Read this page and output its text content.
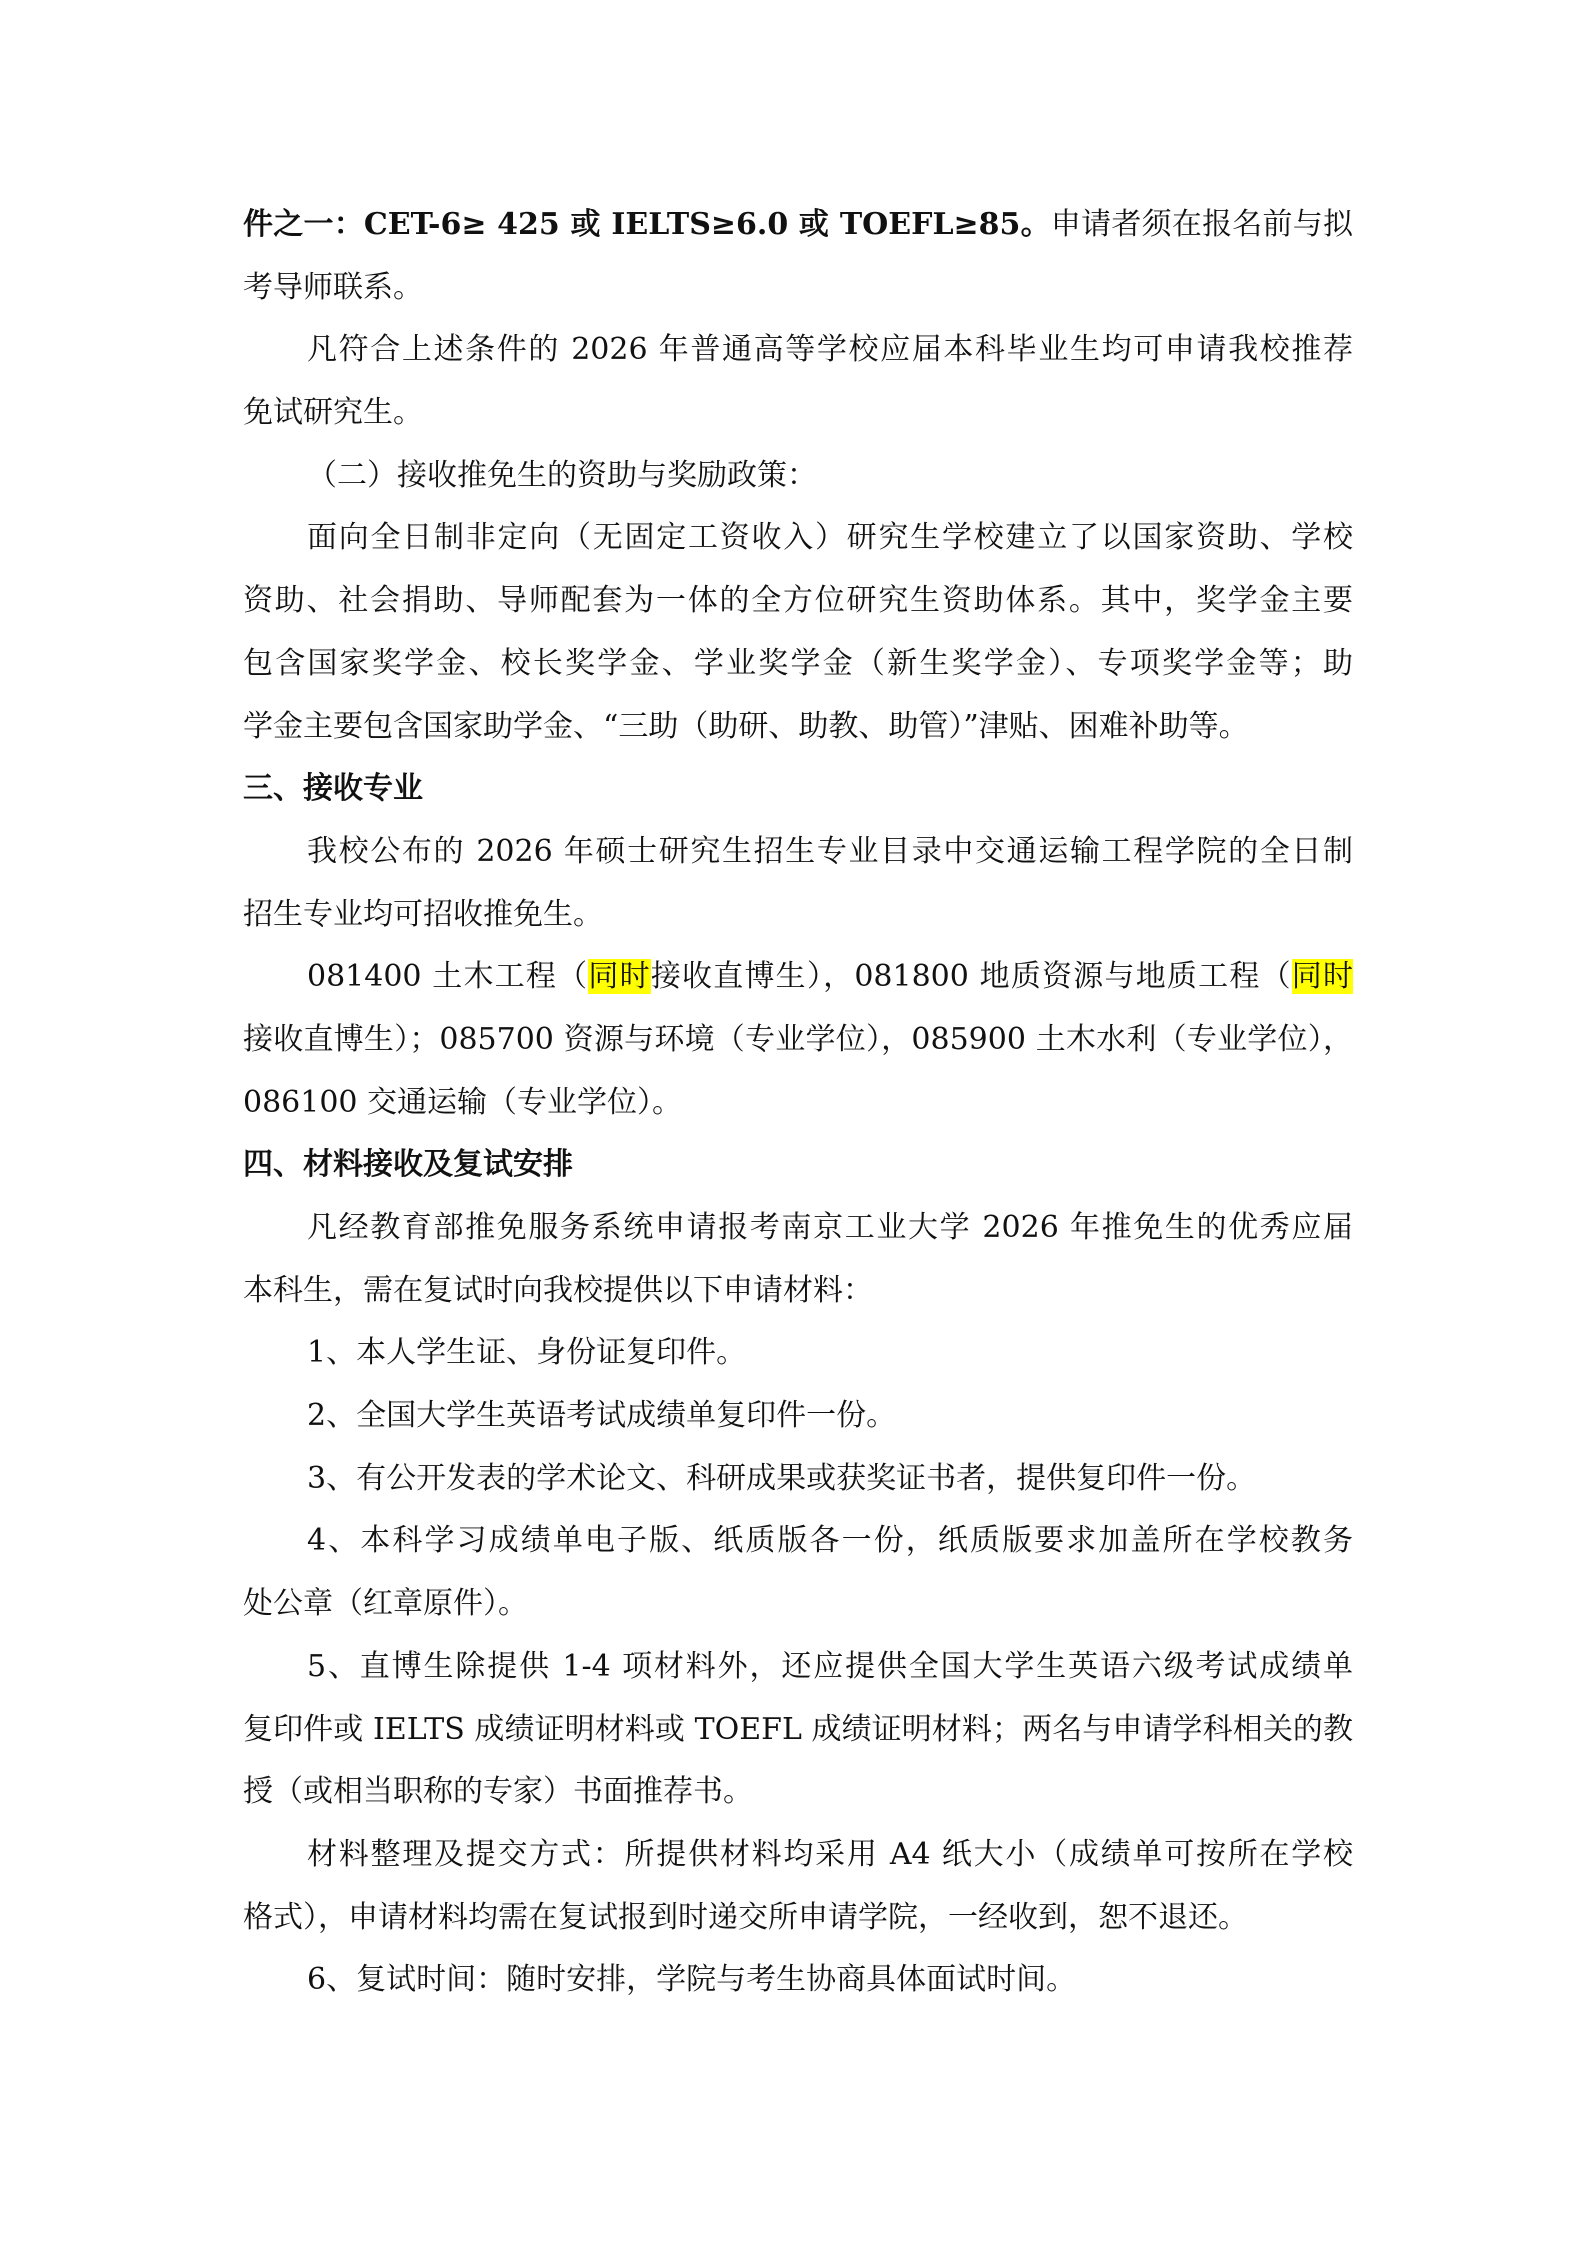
件之一：CET-6≥ 425 或 IELTS≥6.0 或 TOEFL≥85。申请者须在报名前与拟
考导师联系。
凡符合上述条件的 2026 年普通高等学校应届本科毕业生均可申请我校推荐
免试研究生。
（二）接收推免生的资助与奖励政策：
面向全日制非定向（无固定工资收入）研究生学校建立了以国家资助、学校
资助、社会捐助、导师配套为一体的全方位研究生资助体系。其中，奖学金主要
包含国家奖学金、校长奖学金、学业奖学金（新生奖学金）、专项奖学金等；助
学金主要包含国家助学金、“三助（助研、助教、助管）”津贴、困难补助等。
三、接收专业
我校公布的 2026 年硕士研究生招生专业目录中交通运输工程学院的全日制
招生专业均可招收推免生。
081400 土木工程（同时接收直博生），081800 地质资源与地质工程（同时
接收直博生）；085700 资源与环境（专业学位），085900 土木水利（专业学位），
086100 交通运输（专业学位）。
四、材料接收及复试安排
凡经教育部推免服务系统申请报考南京工业大学 2026 年推免生的优秀应届
本科生，需在复试时向我校提供以下申请材料：
1、本人学生证、身份证复印件。
2、全国大学生英语考试成绩单复印件一份。
3、有公开发表的学术论文、科研成果或获奖证书者，提供复印件一份。
4、本科学习成绩单电子版、纸质版各一份，纸质版要求加盖所在学校教务
处公章（红章原件）。
5、直博生除提供 1-4 项材料外，还应提供全国大学生英语六级考试成绩单
复印件或 IELTS 成绩证明材料或 TOEFL 成绩证明材料；两名与申请学科相关的教
授（或相当职称的专家）书面推荐书。
材料整理及提交方式：所提供材料均采用 A4 纸大小（成绩单可按所在学校
格式），申请材料均需在复试报到时递交所申请学院，一经收到，恕不退还。
6、复试时间：随时安排，学院与考生协商具体面试时间。
